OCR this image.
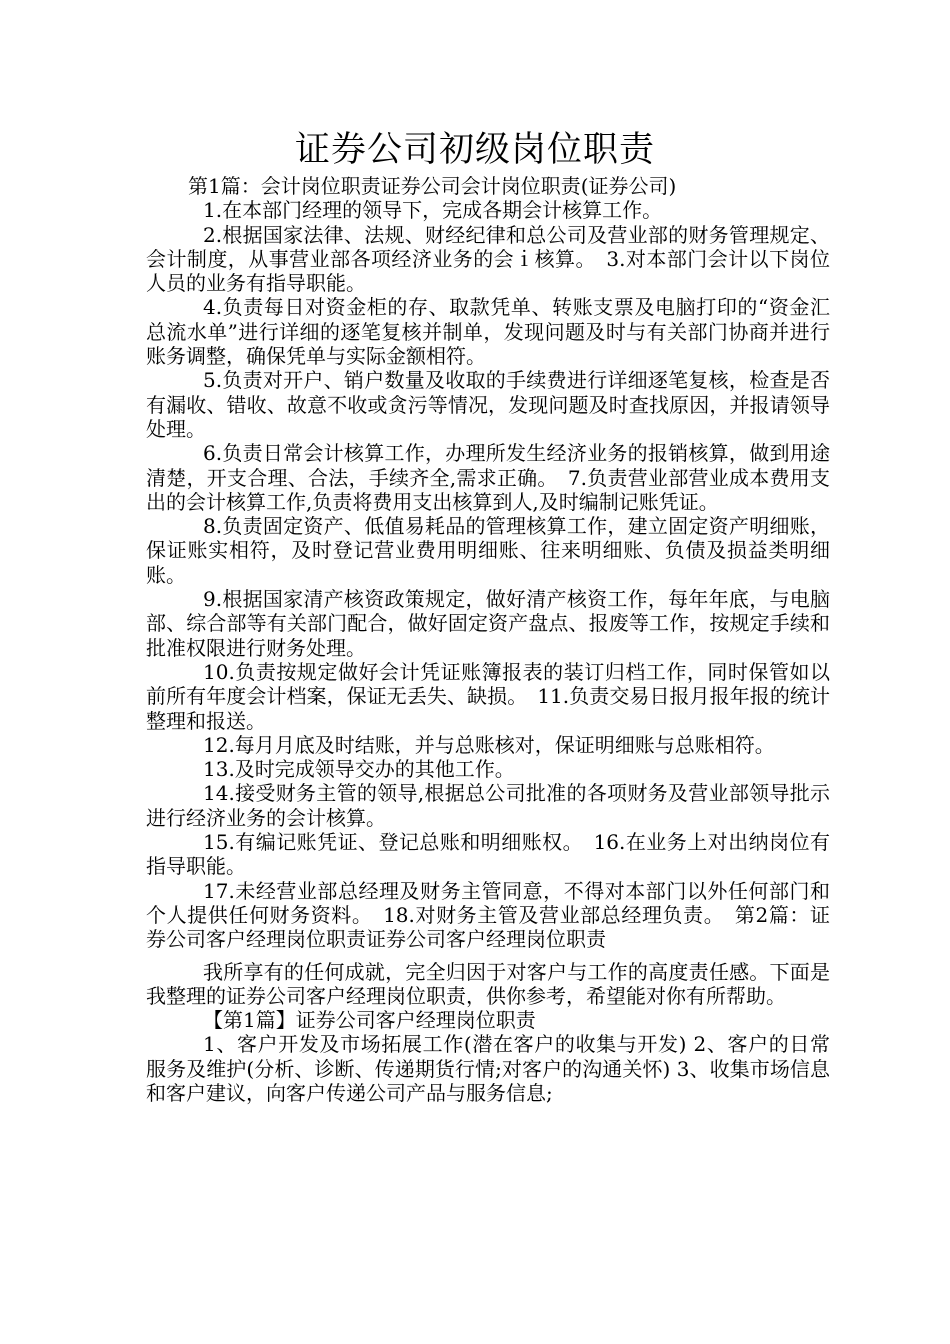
证券公司初级岗位职责

第1篇：会计岗位职责证券公司会计岗位职责(证券公司)

1.在本部门经理的领导下，完成各期会计核算工作。

2.根据国家法律、法规、财经纪律和总公司及营业部的财务管理规定、会计制度，从事营业部各项经济业务的会ｉ核算。　3.对本部门会计以下岗位人员的业务有指导职能。

4.负责每日对资金柜的存、取款凭单、转账支票及电脑打印的“资金汇总流水单”进行详细的逐笔复核并制单，发现问题及时与有关部门协商并进行账务调整，确保凭单与实际金额相符。

5.负责对开户、销户数量及收取的手续费进行详细逐笔复核，检查是否有漏收、错收、故意不收或贪污等情况，发现问题及时查找原因，并报请领导处理。

6.负责日常会计核算工作，办理所发生经济业务的报销核算，做到用途清楚，开支合理、合法，手续齐全,需求正确。　7.负责营业部营业成本费用支出的会计核算工作,负责将费用支出核算到人,及时编制记账凭证。

8.负责固定资产、低值易耗品的管理核算工作，建立固定资产明细账，保证账实相符，及时登记营业费用明细账、往来明细账、负债及损益类明细账。

9.根据国家清产核资政策规定，做好清产核资工作，每年年底，与电脑部、综合部等有关部门配合，做好固定资产盘点、报废等工作，按规定手续和批准权限进行财务处理。

10.负责按规定做好会计凭证账簿报表的装订归档工作，同时保管如以前所有年度会计档案，保证无丢失、缺损。　11.负责交易日报月报年报的统计整理和报送。

12.每月月底及时结账，并与总账核对，保证明细账与总账相符。

13.及时完成领导交办的其他工作。

14.接受财务主管的领导,根据总公司批准的各项财务及营业部领导批示进行经济业务的会计核算。

15.有编记账凭证、登记总账和明细账权。　16.在业务上对出纳岗位有指导职能。

17.未经营业部总经理及财务主管同意，不得对本部门以外任何部门和个人提供任何财务资料。　18.对财务主管及营业部总经理负责。　第2篇：证券公司客户经理岗位职责证券公司客户经理岗位职责

我所享有的任何成就，完全归因于对客户与工作的高度责任感。下面是我整理的证券公司客户经理岗位职责，供你参考，希望能对你有所帮助。

【第1篇】证券公司客户经理岗位职责

1、客户开发及市场拓展工作(潜在客户的收集与开发) 2、客户的日常服务及维护(分析、诊断、传递期货行情;对客户的沟通关怀) 3、收集市场信息和客户建议，向客户传递公司产品与服务信息;
